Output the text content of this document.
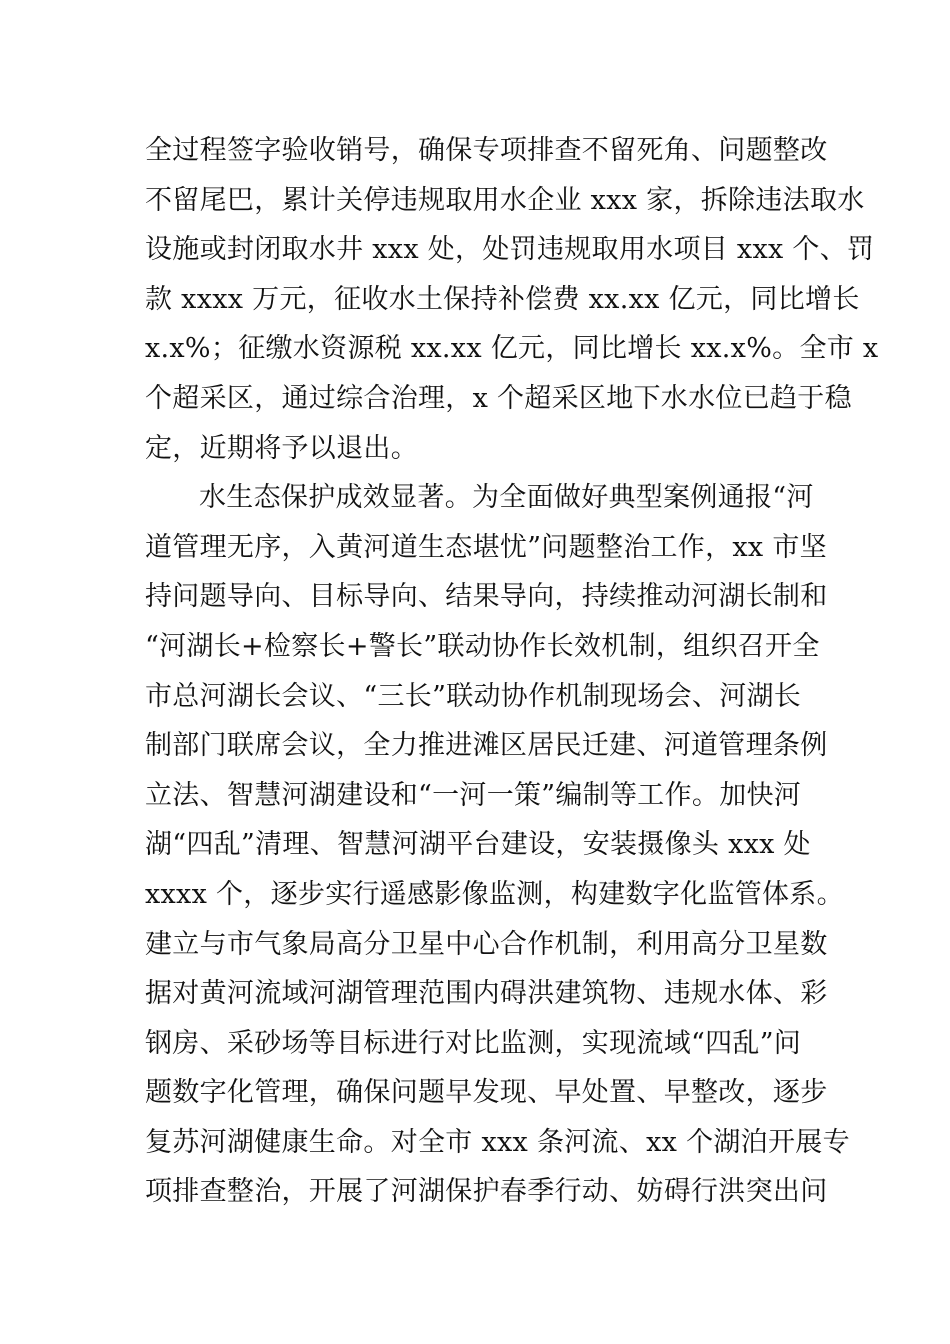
全过程签字验收销号，确保专项排查不留死角、问题整改
不留尾巴，累计关停违规取用水企业 xxx 家，拆除违法取水
设施或封闭取水井 xxx 处，处罚违规取用水项目 xxx 个、罚
款 xxxx 万元，征收水土保持补偿费 xx.xx 亿元，同比增长
x.x%；征缴水资源税 xx.xx 亿元，同比增长 xx.x%。全市 x
个超采区，通过综合治理，x 个超采区地下水水位已趋于稳
定，近期将予以退出。
水生态保护成效显著。为全面做好典型案例通报“河
道管理无序，入黄河道生态堪忧”问题整治工作，xx 市坚
持问题导向、目标导向、结果导向，持续推动河湖长制和
“河湖长+检察长+警长”联动协作长效机制，组织召开全
市总河湖长会议、“三长”联动协作机制现场会、河湖长
制部门联席会议，全力推进滩区居民迁建、河道管理条例
立法、智慧河湖建设和“一河一策”编制等工作。加快河
湖“四乱”清理、智慧河湖平台建设，安装摄像头 xxx 处
xxxx 个，逐步实行遥感影像监测，构建数字化监管体系。
建立与市气象局高分卫星中心合作机制，利用高分卫星数
据对黄河流域河湖管理范围内碍洪建筑物、违规水体、彩
钢房、采砂场等目标进行对比监测，实现流域“四乱”问
题数字化管理，确保问题早发现、早处置、早整改，逐步
复苏河湖健康生命。对全市 xxx 条河流、xx 个湖泊开展专
项排查整治，开展了河湖保护春季行动、妨碍行洪突出问
